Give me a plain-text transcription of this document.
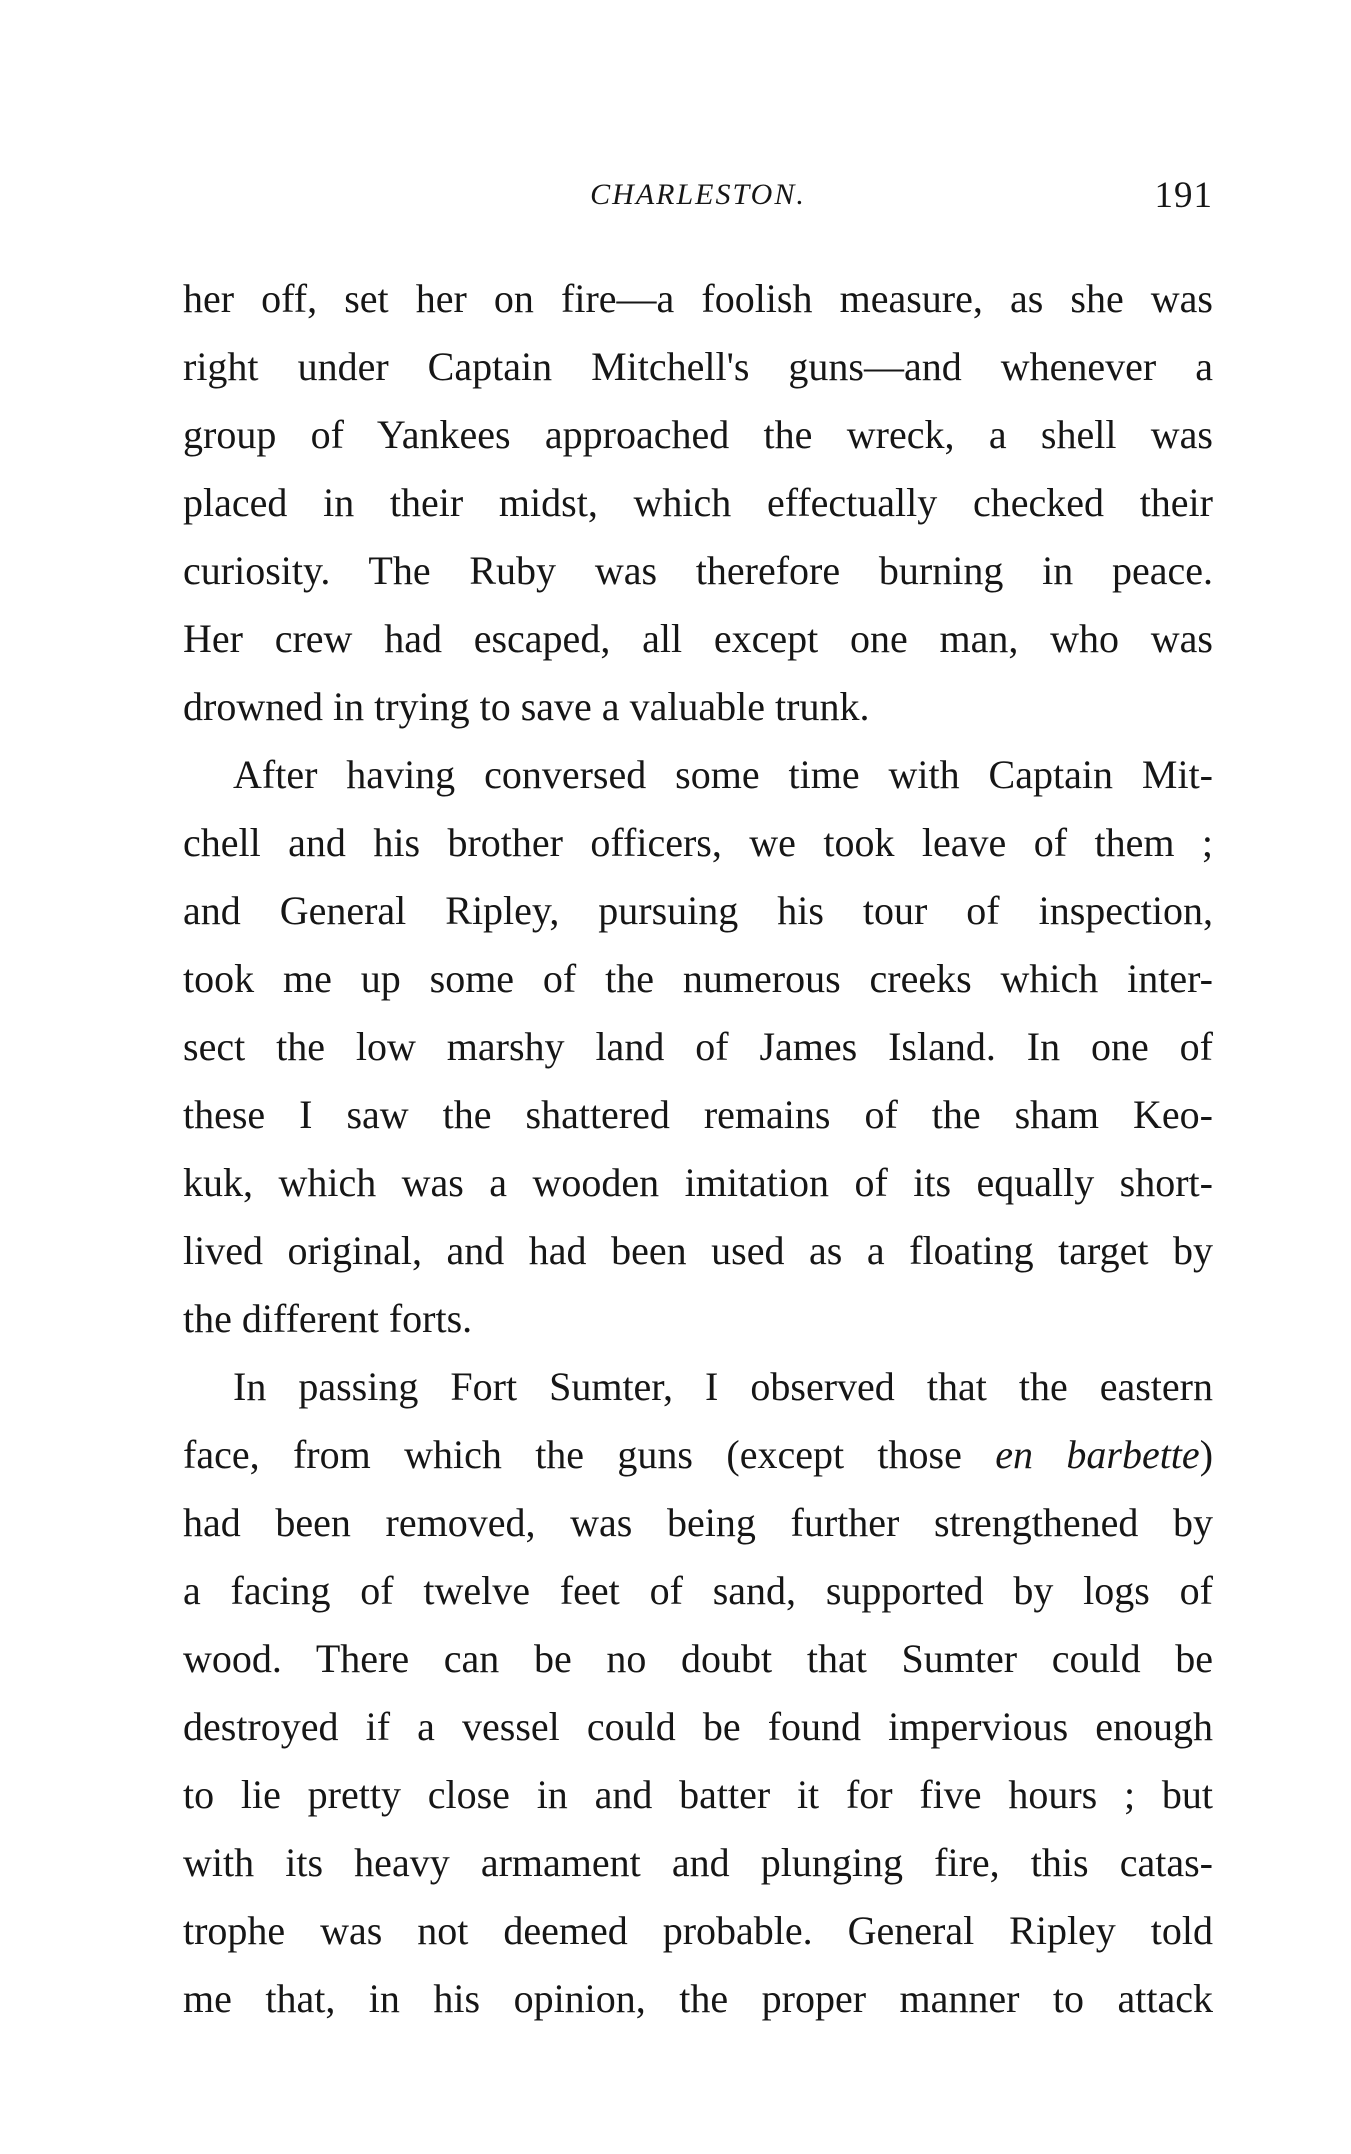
CHARLESTON.	191
her off, set her on fire—a foolish measure, as she was
right under Captain Mitchell's guns—and whenever a
group of Yankees approached the wreck, a shell was
placed in their midst, which effectually checked their
curiosity. The Ruby was therefore burning in peace.
Her crew had escaped, all except one man, who was
drowned in trying to save a valuable trunk.
After having conversed some time with Captain Mit-
chell and his brother officers, we took leave of them ;
and General Ripley, pursuing his tour of inspection,
took me up some of the numerous creeks which inter-
sect the low marshy land of James Island. In one of
these I saw the shattered remains of the sham Keo-
kuk, which was a wooden imitation of its equally short-
lived original, and had been used as a floating target by
the different forts.
In passing Fort Sumter, I observed that the eastern
face, from which the guns (except those en barbette)
had been removed, was being further strengthened by
a facing of twelve feet of sand, supported by logs of
wood. There can be no doubt that Sumter could be
destroyed if a vessel could be found impervious enough
to lie pretty close in and batter it for five hours ; but
with its heavy armament and plunging fire, this catas-
trophe was not deemed probable. General Ripley told
me that, in his opinion, the proper manner to attack
